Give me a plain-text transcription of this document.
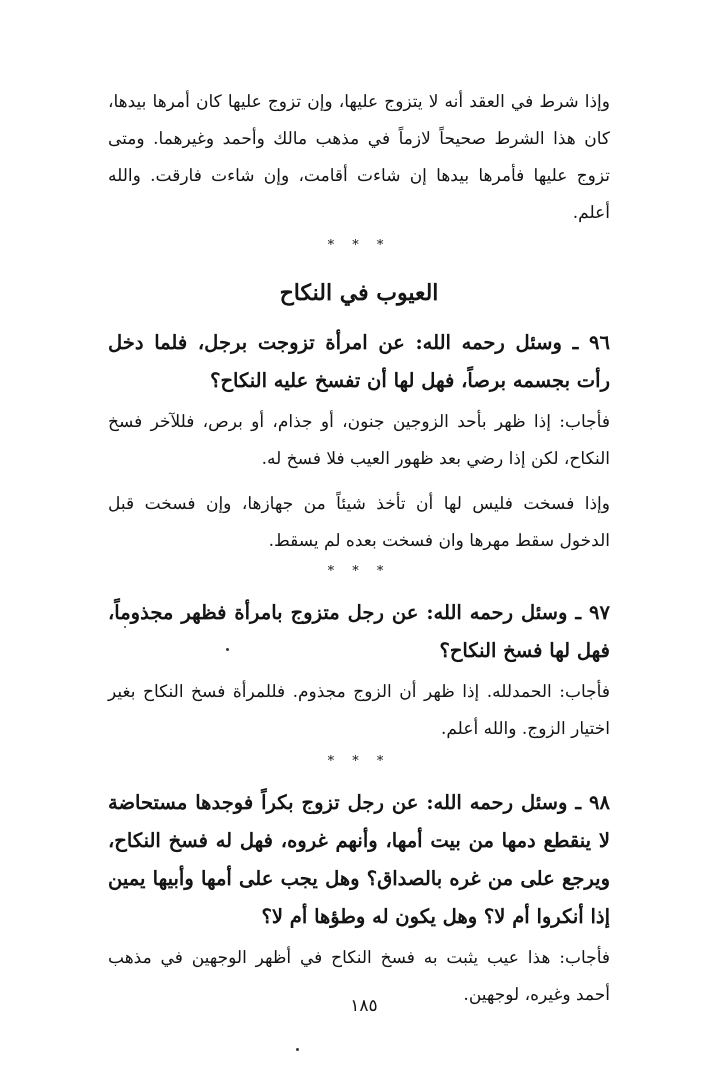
وإذا شرط في العقد أنه لا يتزوج عليها، وإن تزوج عليها كان أمرها بيدها، كان هذا الشرط صحيحاً لازماً في مذهب مالك وأحمد وغيرهما. ومتى تزوج عليها فأمرها بيدها إن شاءت أقامت، وإن شاءت فارقت. والله أعلم.

* * *

العيوب في النكاح

٩٦ ـ وسئل رحمه الله: عن امرأة تزوجت برجل، فلما دخل رأت بجسمه برصاً، فهل لها أن تفسخ عليه النكاح؟

فأجاب: إذا ظهر بأحد الزوجين جنون، أو جذام، أو برص، فللآخر فسخ النكاح، لكن إذا رضي بعد ظهور العيب فلا فسخ له.

وإذا فسخت فليس لها أن تأخذ شيئاً من جهازها، وإن فسخت قبل الدخول سقط مهرها وان فسخت بعده لم يسقط.

* * *

٩٧ ـ وسئل رحمه الله: عن رجل متزوج بامرأة فظهر مجذوماً، فهل لها فسخ النكاح؟

فأجاب: الحمدلله. إذا ظهر أن الزوج مجذوم. فللمرأة فسخ النكاح بغير اختيار الزوج. والله أعلم.

* * *

٩٨ ـ وسئل رحمه الله: عن رجل تزوج بكراً فوجدها مستحاضة لا ينقطع دمها من بيت أمها، وأنهم غروه، فهل له فسخ النكاح، ويرجع على من غره بالصداق؟ وهل يجب على أمها وأبيها يمين إذا أنكروا أم لا؟ وهل يكون له وطؤها أم لا؟

فأجاب: هذا عيب يثبت به فسخ النكاح في أظهر الوجهين في مذهب أحمد وغيره، لوجهين.

١٨٥
